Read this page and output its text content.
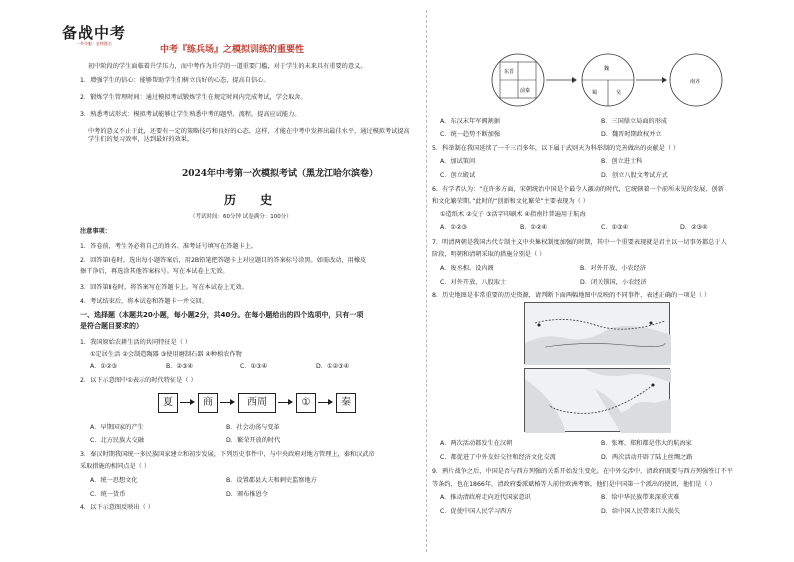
备战中考
一举夺魁 · 金榜题名
中考『练兵场』之模拟训练的重要性
初中阶段的学生面临着升学压力，而中考作为升学的一道重要门槛，对于学生的未来具有重要的意义。
1．增强学生的信心：能够帮助学生们树立良好的心态，提高自信心。
2．锻炼学生管理时间：通过模拟考试锻炼学生在规定时间内完成考试，学会取舍。
3．熟悉考试形式：模拟考试能够让学生熟悉中考的题型、流程，提高应试能力。
中考的意义不止于此，还要有一定的策略技巧和良好的心态，这样，才能在中考中发挥出最佳水平，通过模拟考试提高学生们的复习效率，达到最好的效果。
2024年中考第一次模拟考试（黑龙江哈尔滨卷）
历 史
（考试时间：60分钟 试卷满分：100分）
注意事项：
1．答卷前，考生务必将自己的姓名、准考证号填写在答题卡上。
2．回答第Ⅰ卷时，选出每小题答案后，用2B铅笔把答题卡上对应题目的答案标号涂黑。如需改动，用橡皮
擦干净后，再选涂其他答案标号。写在本试卷上无效。
3．回答第Ⅱ卷时，将答案写在答题卡上。写在本试卷上无效。
4．考试结束后，将本试卷和答题卡一并交回。
一、选择题（本题共20小题，每小题2分，共40分。在每小题给出的四个选项中，只有一项
是符合题目要求的）
1．我国原始农耕生活的共同特征是（ ）
①定居生活 ②会制造陶器 ③使用磨制石器 ④种植农作物
A．①②③	B．②③④	C．①③④	D．①②③④
2．以下示意图中①表示的时代特征是（ ）
夏	商	西周	①	秦
A．早期国家的产生	B．社会动荡与变革
C．北方民族大交融	D．繁荣开放的时代
3．秦汉时期我国统一多民族国家建立和初步发展，下列历史事件中，与中央政府对地方管理上，秦和汉武帝
采取措施的相同点是（ ）
A．统一思想文化	B．设置郡县大夫和刺史监察地方
C．统一货币	D．颁布推恩令
4．以下示意图反映出（ ）
东晋
前秦
魏
蜀	吴
南齐
A．东汉末年军阀割据	B．三国鼎立局面的形成
C．统一趋势不断加强	D．魏晋时期政权并立
5．科举制在我国延续了一千三百多年，以下属于武则天为科举制的完善做出的贡献是（ ）
A．加试策问	B．创立进士科
C．创立殿试	D．创立八股文考试方式
6．有学者认为：“在许多方面，宋朝统治中国是个最令人激动的时代，它统辖着一个前所未见的发展、创新
和文化繁荣期。”此时的“创新和文化繁荣”主要表现为（ ）
①造纸术 ②交子 ③活字印刷术 ④指南针普遍用于航海
A．①②③	B．①②④	C．①③④	D．②③④
7．明清两朝是我国古代专制主义中央集权制度加强的时期，其中一个重要表现就是君主以一切事务都总于人
阶段，明朝和清朝采取的措施分别是（ ）
A．废丞相、设内阁	B．对外开放，小农经济
C．对外开放，八股取士	D．闭关锁国，小农经济
8．历史地图是非常重要的历史资源，请判断下面两幅地图中反映的不同事件，表述正确的一项是（ ）
A．两次活动都发生在汉朝	B．张骞、郑和都是伟大的航海家
C．都促进了中外友好交往和经济文化交流	D．两次活动开辟了陆上丝绸之路
9．鸦片战争之后，中国是否与西方列强的关系开始发生变化。在中外交涉中，清政府既要与西方列强签订不平
等条约，也在1866年，清政府委派斌椿等人前往欧洲考察，他们是中国第一个派出的使团，他们是（ ）
A．推动清政府走向近代国家意识	B．给中华民族带来深重灾难
C．促使中国人民学习西方	D．给中国人民带来巨大损失
